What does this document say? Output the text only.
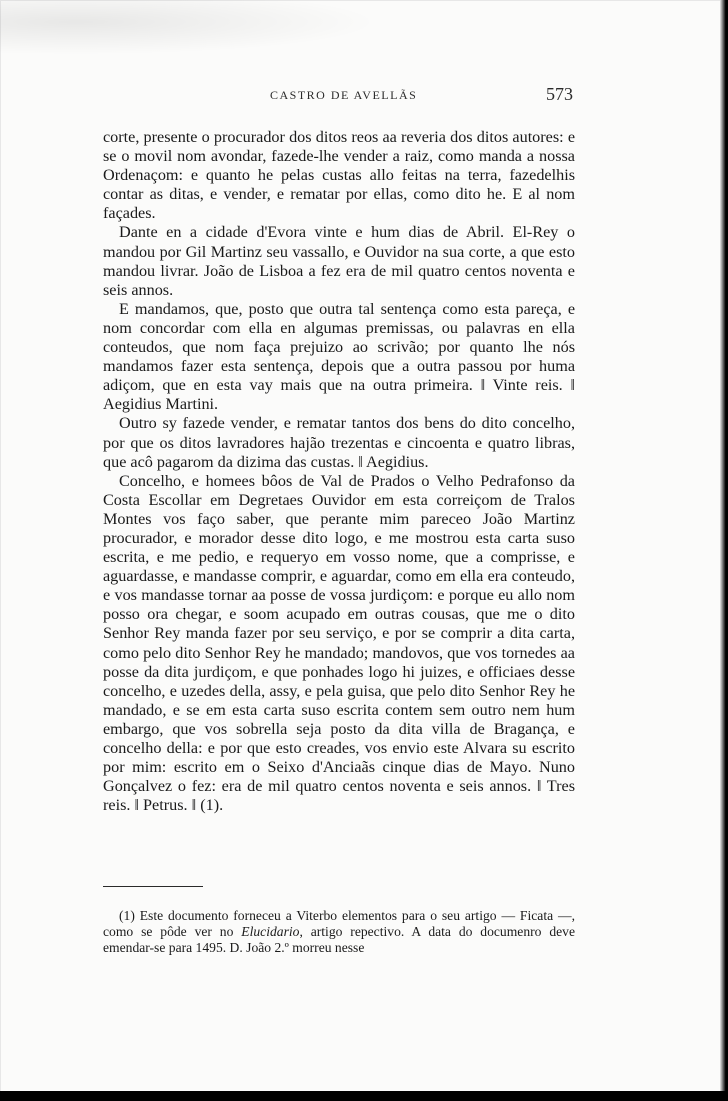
CASTRO DE AVELLÃS	573

corte, presente o procurador dos ditos reos aa reveria dos ditos autores: e se o movil nom avondar, fazede-lhe vender a raiz, como manda a nossa Ordenaçom: e quanto he pelas custas allo feitas na terra, fazedelhis contar as ditas, e vender, e rematar por ellas, como dito he. E al nom façades.

Dante en a cidade d'Evora vinte e hum dias de Abril. El-Rey o mandou por Gil Martinz seu vassallo, e Ouvidor na sua corte, a que esto mandou livrar. João de Lisboa a fez era de mil quatro centos noventa e seis annos.

E mandamos, que, posto que outra tal sentença como esta pareça, e nom concordar com ella en algumas premissas, ou palavras en ella conteudos, que nom faça prejuizo ao scrivão; por quanto lhe nós mandamos fazer esta sentença, depois que a outra passou por huma adiçom, que en esta vay mais que na outra primeira. ‖ Vinte reis. ‖ Aegidius Martini.

Outro sy fazede vender, e rematar tantos dos bens do dito concelho, por que os ditos lavradores hajão trezentas e cincoenta e quatro libras, que acô pagarom da dizima das custas. ‖ Aegidius.

Concelho, e homees bôos de Val de Prados o Velho Pedrafonso da Costa Escollar em Degretaes Ouvidor em esta correiçom de Tralos Montes vos faço saber, que perante mim pareceo João Martinz procurador, e morador desse dito logo, e me mostrou esta carta suso escrita, e me pedio, e requeryo em vosso nome, que a comprisse, e aguardasse, e mandasse comprir, e aguardar, como em ella era conteudo, e vos mandasse tornar aa posse de vossa jurdiçom: e porque eu allo nom posso ora chegar, e soom acupado em outras cousas, que me o dito Senhor Rey manda fazer por seu serviço, e por se comprir a dita carta, como pelo dito Senhor Rey he mandado; mandovos, que vos tornedes aa posse da dita jurdiçom, e que ponhades logo hi juizes, e officiaes desse concelho, e uzedes della, assy, e pela guisa, que pelo dito Senhor Rey he mandado, e se em esta carta suso escrita contem sem outro nem hum embargo, que vos sobrella seja posto da dita villa de Bragança, e concelho della: e por que esto creades, vos envio este Alvara su escrito por mim: escrito em o Seixo d'Anciaãs cinque dias de Mayo. Nuno Gonçalvez o fez: era de mil quatro centos noventa e seis annos. ‖ Tres reis. ‖ Petrus. ‖ (1).

(1) Este documento forneceu a Viterbo elementos para o seu artigo — Ficata —, como se pôde ver no Elucidario, artigo repectivo. A data do documenro deve emendar-se para 1495. D. João 2.º morreu nesse
